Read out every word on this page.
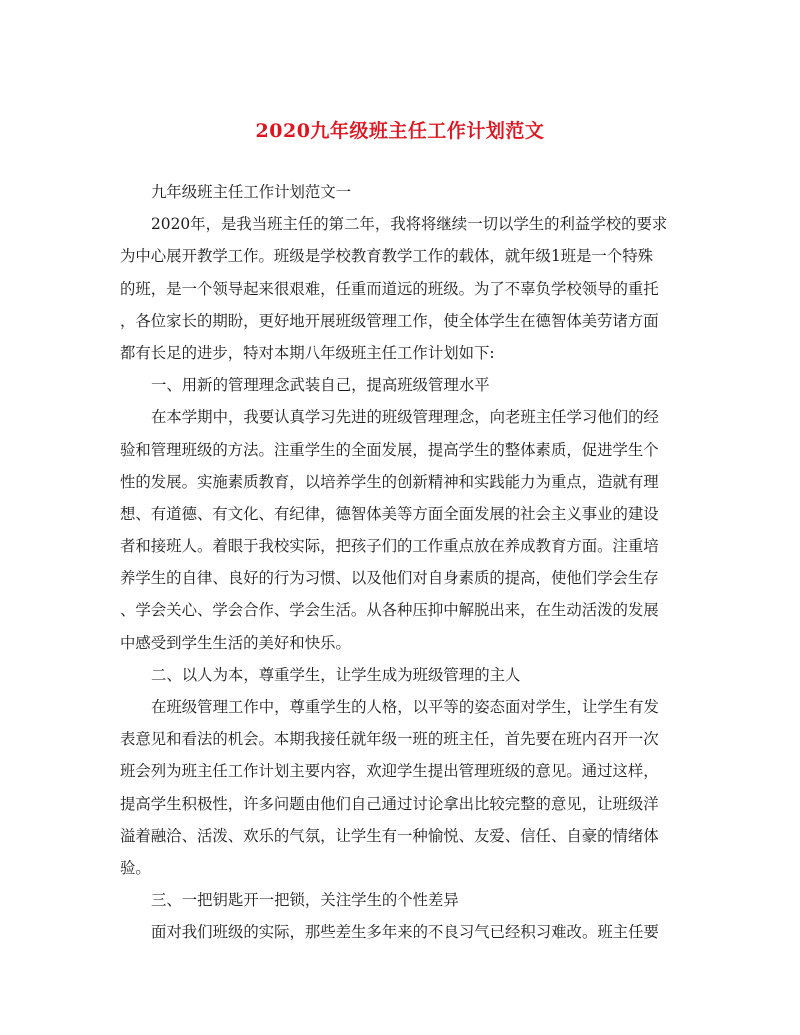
2020九年级班主任工作计划范文
九年级班主任工作计划范文一
2020年，是我当班主任的第二年，我将将继续一切以学生的利益学校的要求
为中心展开教学工作。班级是学校教育教学工作的载体，就年级1班是一个特殊
的班，是一个领导起来很艰难，任重而道远的班级。为了不辜负学校领导的重托
，各位家长的期盼，更好地开展班级管理工作，使全体学生在德智体美劳诸方面
都有长足的进步，特对本期八年级班主任工作计划如下:
一、用新的管理理念武装自己，提高班级管理水平
在本学期中，我要认真学习先进的班级管理理念，向老班主任学习他们的经
验和管理班级的方法。注重学生的全面发展，提高学生的整体素质，促进学生个
性的发展。实施素质教育，以培养学生的创新精神和实践能力为重点，造就有理
想、有道德、有文化、有纪律，德智体美等方面全面发展的社会主义事业的建设
者和接班人。着眼于我校实际，把孩子们的工作重点放在养成教育方面。注重培
养学生的自律、良好的行为习惯、以及他们对自身素质的提高，使他们学会生存
、学会关心、学会合作、学会生活。从各种压抑中解脱出来，在生动活泼的发展
中感受到学生生活的美好和快乐。
二、以人为本，尊重学生，让学生成为班级管理的主人
在班级管理工作中，尊重学生的人格，以平等的姿态面对学生，让学生有发
表意见和看法的机会。本期我接任就年级一班的班主任，首先要在班内召开一次
班会列为班主任工作计划主要内容，欢迎学生提出管理班级的意见。通过这样，
提高学生积极性，许多问题由他们自己通过讨论拿出比较完整的意见，让班级洋
溢着融洽、活泼、欢乐的气氛，让学生有一种愉悦、友爱、信任、自豪的情绪体
验。
三、一把钥匙开一把锁，关注学生的个性差异
面对我们班级的实际，那些差生多年来的不良习气已经积习难改。班主任要
